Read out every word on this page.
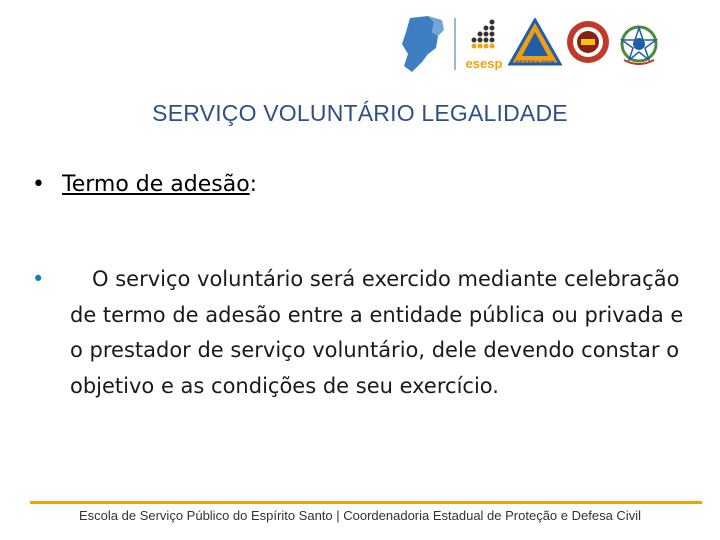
esesp	DEFESA CIVIL
SERVIÇO VOLUNTÁRIO LEGALIDADE
• Termo de adesão:
•	O serviço voluntário será exercido mediante celebração de termo de adesão entre a entidade pública ou privada e o prestador de serviço voluntário, dele devendo constar o objetivo e as condições de seu exercício.
Escola de Serviço Público do Espírito Santo | Coordenadoria Estadual de Proteção e Defesa Civil
